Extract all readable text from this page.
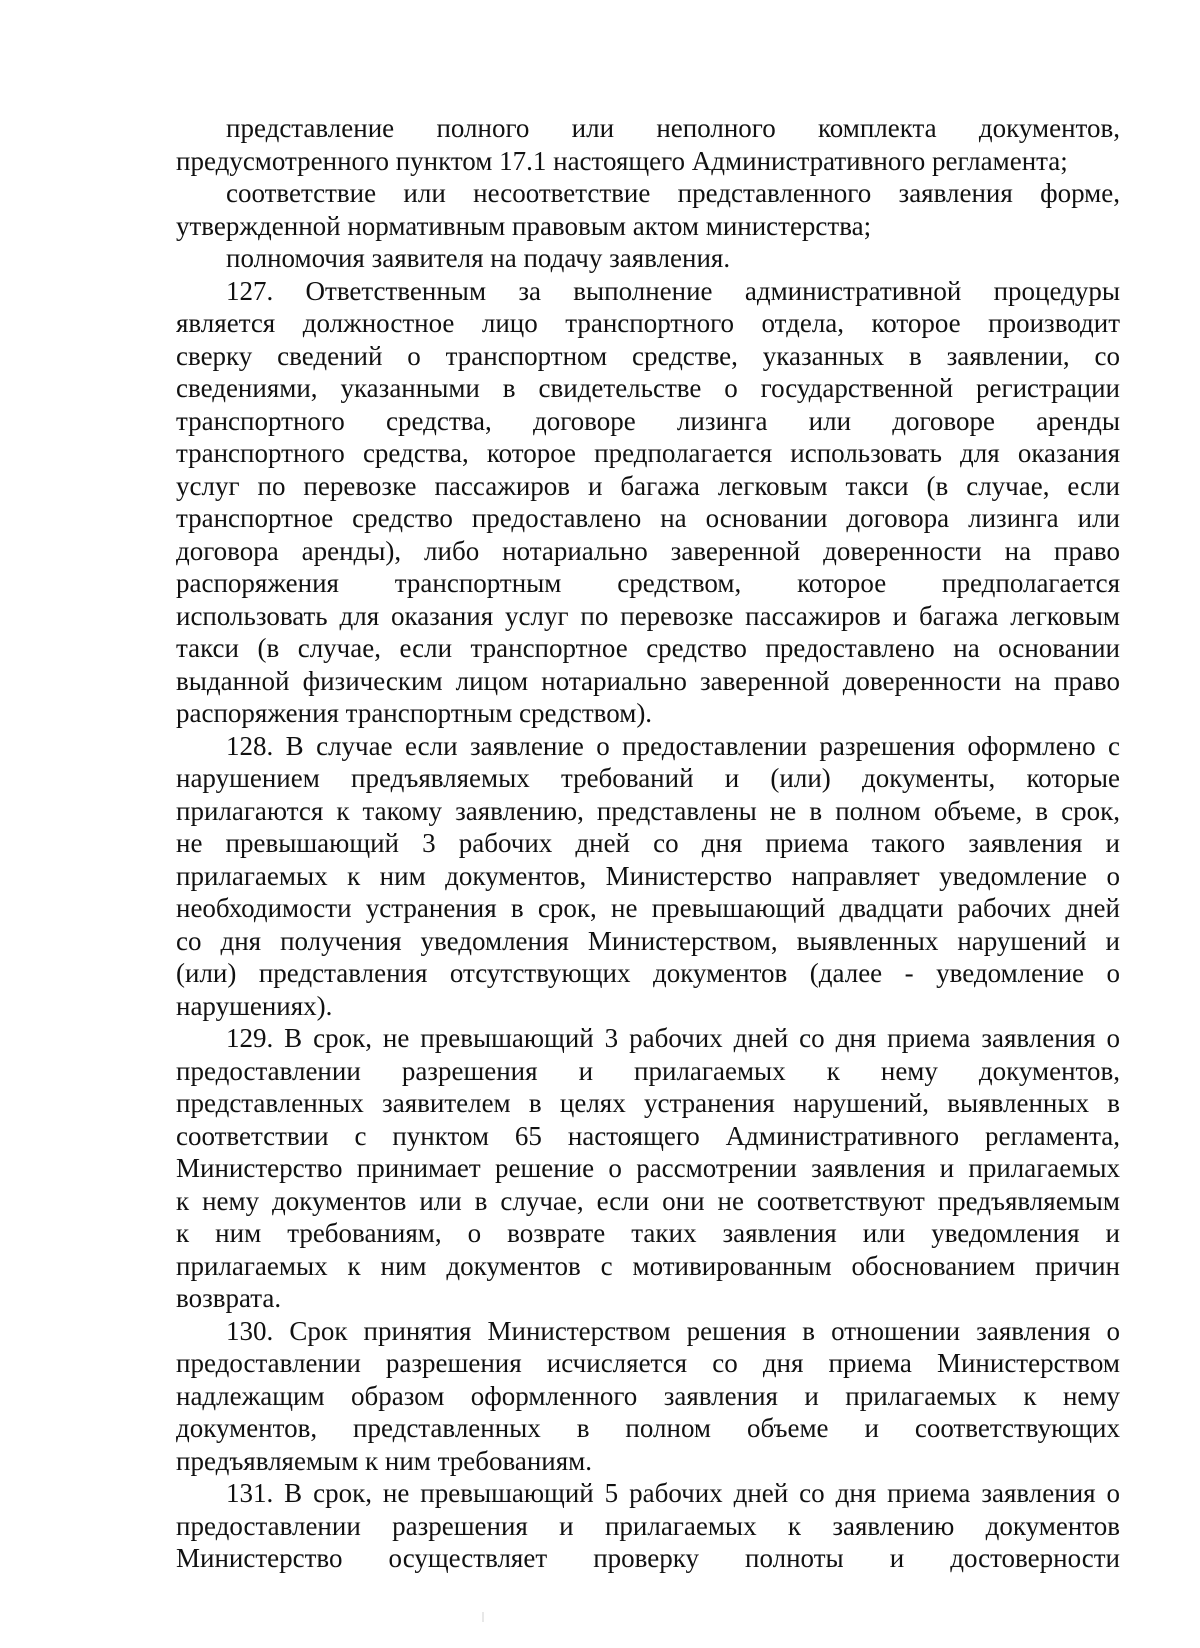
представление полного или неполного комплекта документов,
предусмотренного пунктом 17.1 настоящего Административного регламента;
соответствие или несоответствие представленного заявления форме,
утвержденной нормативным правовым актом министерства;
полномочия заявителя на подачу заявления.
127. Ответственным за выполнение административной процедуры
является должностное лицо транспортного отдела, которое производит
сверку сведений о транспортном средстве, указанных в заявлении, со
сведениями, указанными в свидетельстве о государственной регистрации
транспортного средства, договоре лизинга или договоре аренды
транспортного средства, которое предполагается использовать для оказания
услуг по перевозке пассажиров и багажа легковым такси (в случае, если
транспортное средство предоставлено на основании договора лизинга или
договора аренды), либо нотариально заверенной доверенности на право
распоряжения транспортным средством, которое предполагается
использовать для оказания услуг по перевозке пассажиров и багажа легковым
такси (в случае, если транспортное средство предоставлено на основании
выданной физическим лицом нотариально заверенной доверенности на право
распоряжения транспортным средством).
128. В случае если заявление о предоставлении разрешения оформлено с
нарушением предъявляемых требований и (или) документы, которые
прилагаются к такому заявлению, представлены не в полном объеме, в срок,
не превышающий 3 рабочих дней со дня приема такого заявления и
прилагаемых к ним документов, Министерство направляет уведомление о
необходимости устранения в срок, не превышающий двадцати рабочих дней
со дня получения уведомления Министерством, выявленных нарушений и
(или) представления отсутствующих документов (далее - уведомление о
нарушениях).
129. В срок, не превышающий 3 рабочих дней со дня приема заявления о
предоставлении разрешения и прилагаемых к нему документов,
представленных заявителем в целях устранения нарушений, выявленных в
соответствии с пунктом 65 настоящего Административного регламента,
Министерство принимает решение о рассмотрении заявления и прилагаемых
к нему документов или в случае, если они не соответствуют предъявляемым
к ним требованиям, о возврате таких заявления или уведомления и
прилагаемых к ним документов с мотивированным обоснованием причин
возврата.
130. Срок принятия Министерством решения в отношении заявления о
предоставлении разрешения исчисляется со дня приема Министерством
надлежащим образом оформленного заявления и прилагаемых к нему
документов, представленных в полном объеме и соответствующих
предъявляемым к ним требованиям.
131. В срок, не превышающий 5 рабочих дней со дня приема заявления о
предоставлении разрешения и прилагаемых к заявлению документов
Министерство осуществляет проверку полноты и достоверности
